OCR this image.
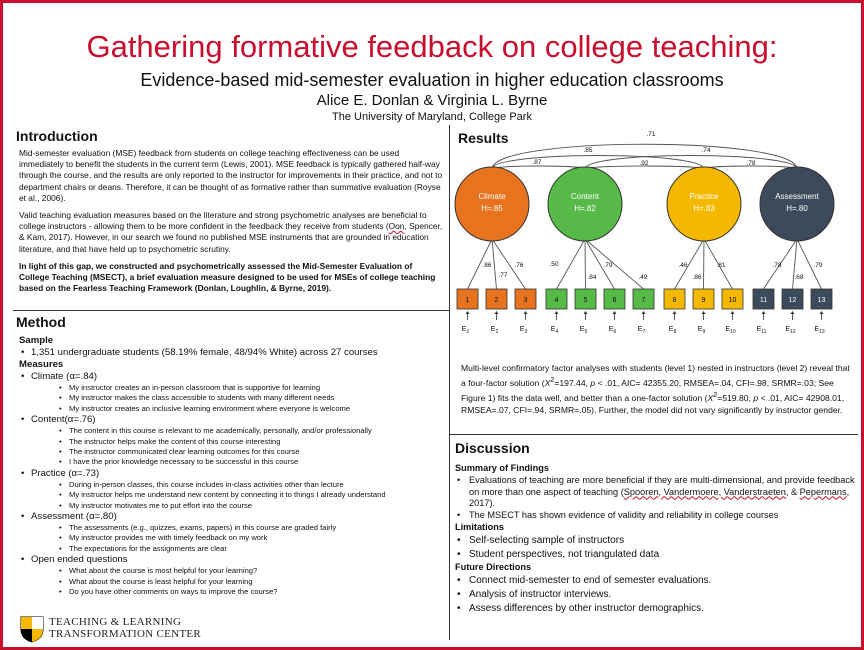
Gathering formative feedback on college teaching:
Evidence-based mid-semester evaluation in higher education classrooms
Alice E. Donlan & Virginia L. Byrne
The University of Maryland, College Park
Introduction

Mid-semester evaluation (MSE) feedback from students on college teaching effectiveness can be used immediately to benefit the students in the current term (Lewis, 2001). MSE feedback is typically gathered half-way through the course, and the results are only reported to the instructor for improvements in their practice, and not to department chairs or deans. Therefore, it can be thought of as formative rather than summative evaluation (Royse et al., 2006).

Valid teaching evaluation measures based on the literature and strong psychometric analyses are beneficial to college instructors - allowing them to be more confident in the feedback they receive from students (Oon, Spencer, & Kam, 2017). However, in our search we found no published MSE instruments that are grounded in education literature, and that have held up to psychometric scrutiny.

In light of this gap, we constructed and psychometrically assessed the Mid-Semester Evaluation of College Teaching (MSECT), a brief evaluation measure designed to be used for MSEs of college teaching based on the Fearless Teaching Framework (Donlan, Loughlin, & Byrne, 2019).

Method
Sample
• 1,351 undergraduate students (58.19% female, 48/94% White) across 27 courses
Measures
• Climate (α=.84)
• My instructor creates an in-person classroom that is supportive for learning
• My instructor makes the class accessible to students with many different needs
• My instructor creates an inclusive learning environment where everyone is welcome
• Content(α=.76)
• The content in this course is relevant to me academically, personally, and/or professionally
• The instructor helps make the content of this course interesting
• The instructor communicated clear learning outcomes for this course
• I have the prior knowledge necessary to be successful in this course
• Practice (α=.73)
• During in-person classes, this course includes in-class activities other than lecture
• My instructor helps me understand new content by connecting it to things I already understand
• My instructor motivates me to put effort into the course
• Assessment (α=.80)
• The assessments (e.g., quizzes, exams, papers) in this course are graded fairly
• My instructor provides me with timely feedback on my work
• The expectations for the assignments are clear
• Open ended questions
• What about the course is most helpful for your learning?
• What about the course is least helpful for your learning
• Do you have other comments on ways to improve the course?
TEACHING & LEARNING
TRANSFORMATION CENTER
Results	.71
.85	.74
.87	.92	.78
.86
.77
.76	.50
.84
.79
.49
.46
.86
.81	.78
.68
.79
Climate
H=.85
Content
H=.82
Practice
H=.83
Assessment
H=.80
1
$E_1$
2
$E_2$
3
$E_3$
4
$E_4$
5
$E_5$
6
$E_6$
7
$E_7$
8
$E_8$
9
$E_9$
10
$E_{10}$
11
$E_{11}$
12
$E_{12}$
13
$E_{13}$
Multi-level confirmatory factor analyses with students (level 1) nested in instructors (level 2) reveal that a four-factor solution ($X^2=197.44$, p < .01, AIC= 42355.20, RMSEA=.04, CFI=.98, SRMR=.03; See Figure 1) fits the data well, and better than a one-factor solution ($X^2=519.80$, p < .01, AIC= 42908.01, RMSEA=.07, CFI=.94, SRMR=.05). Further, the model did not vary significantly by instructor gender.
Discussion
Summary of Findings
• Evaluations of teaching are more beneficial if they are multi-dimensional, and provide feedback on more than one aspect of teaching (Spooren, Vandermoere, Vanderstraeten, & Pepermans, 2017).
• The MSECT has shown evidence of validity and reliability in college courses
Limitations
• Self-selecting sample of instructors
• Student perspectives, not triangulated data
Future Directions
• Connect mid-semester to end of semester evaluations.
• Analysis of instructor interviews.
• Assess differences by other instructor demographics.
